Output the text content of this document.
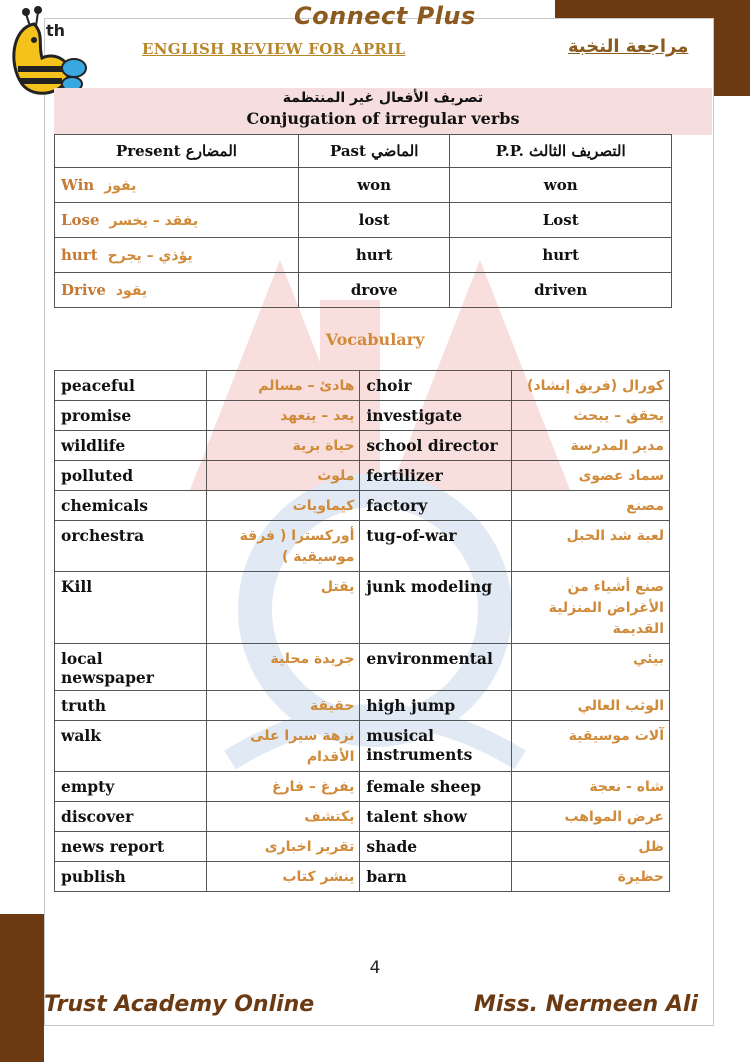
th
Connect Plus
ENGLISH REVIEW FOR APRIL	مراجعة النخبة
تصريف الأفعال غير المنتظمة
Conjugation of irregular verbs
Present المضارع	Past الماضي	P.P. التصريف الثالث
Win يفوز	won	won
Lose يفقد – يخسر	lost	Lost
hurt يؤذي – يجرح	hurt	hurt
Drive يقود	drove	driven
Vocabulary
peaceful	هادئ – مسالم	choir	كورال (فريق إنشاد)
promise	يعد – يتعهد	investigate	يحقق – يبحث
wildlife	حياة برية	school director	مدير المدرسة
polluted	ملوث	fertilizer	سماد عضوى
chemicals	كيماويات	factory	مصنع
orchestra	أوركسترا ( فرقة موسيقية )	tug-of-war	لعبة شد الحبل
Kill	يقتل	junk modeling	صنع أشياء من الأغراض المنزلية القديمة
local newspaper	جريدة محلية	environmental	بيئي
truth	حقيقة	high jump	الوثب العالي
walk	نزهة سيرا على الأقدام	musical instruments	آلات موسيقية
empty	يفرغ – فارغ	female sheep	شاه - نعجة
discover	يكتشف	talent show	عرض المواهب
news report	تقرير اخبارى	shade	ظل
publish	ينشر كتاب	barn	حظيرة
4
Trust Academy Online	Miss. Nermeen Ali
